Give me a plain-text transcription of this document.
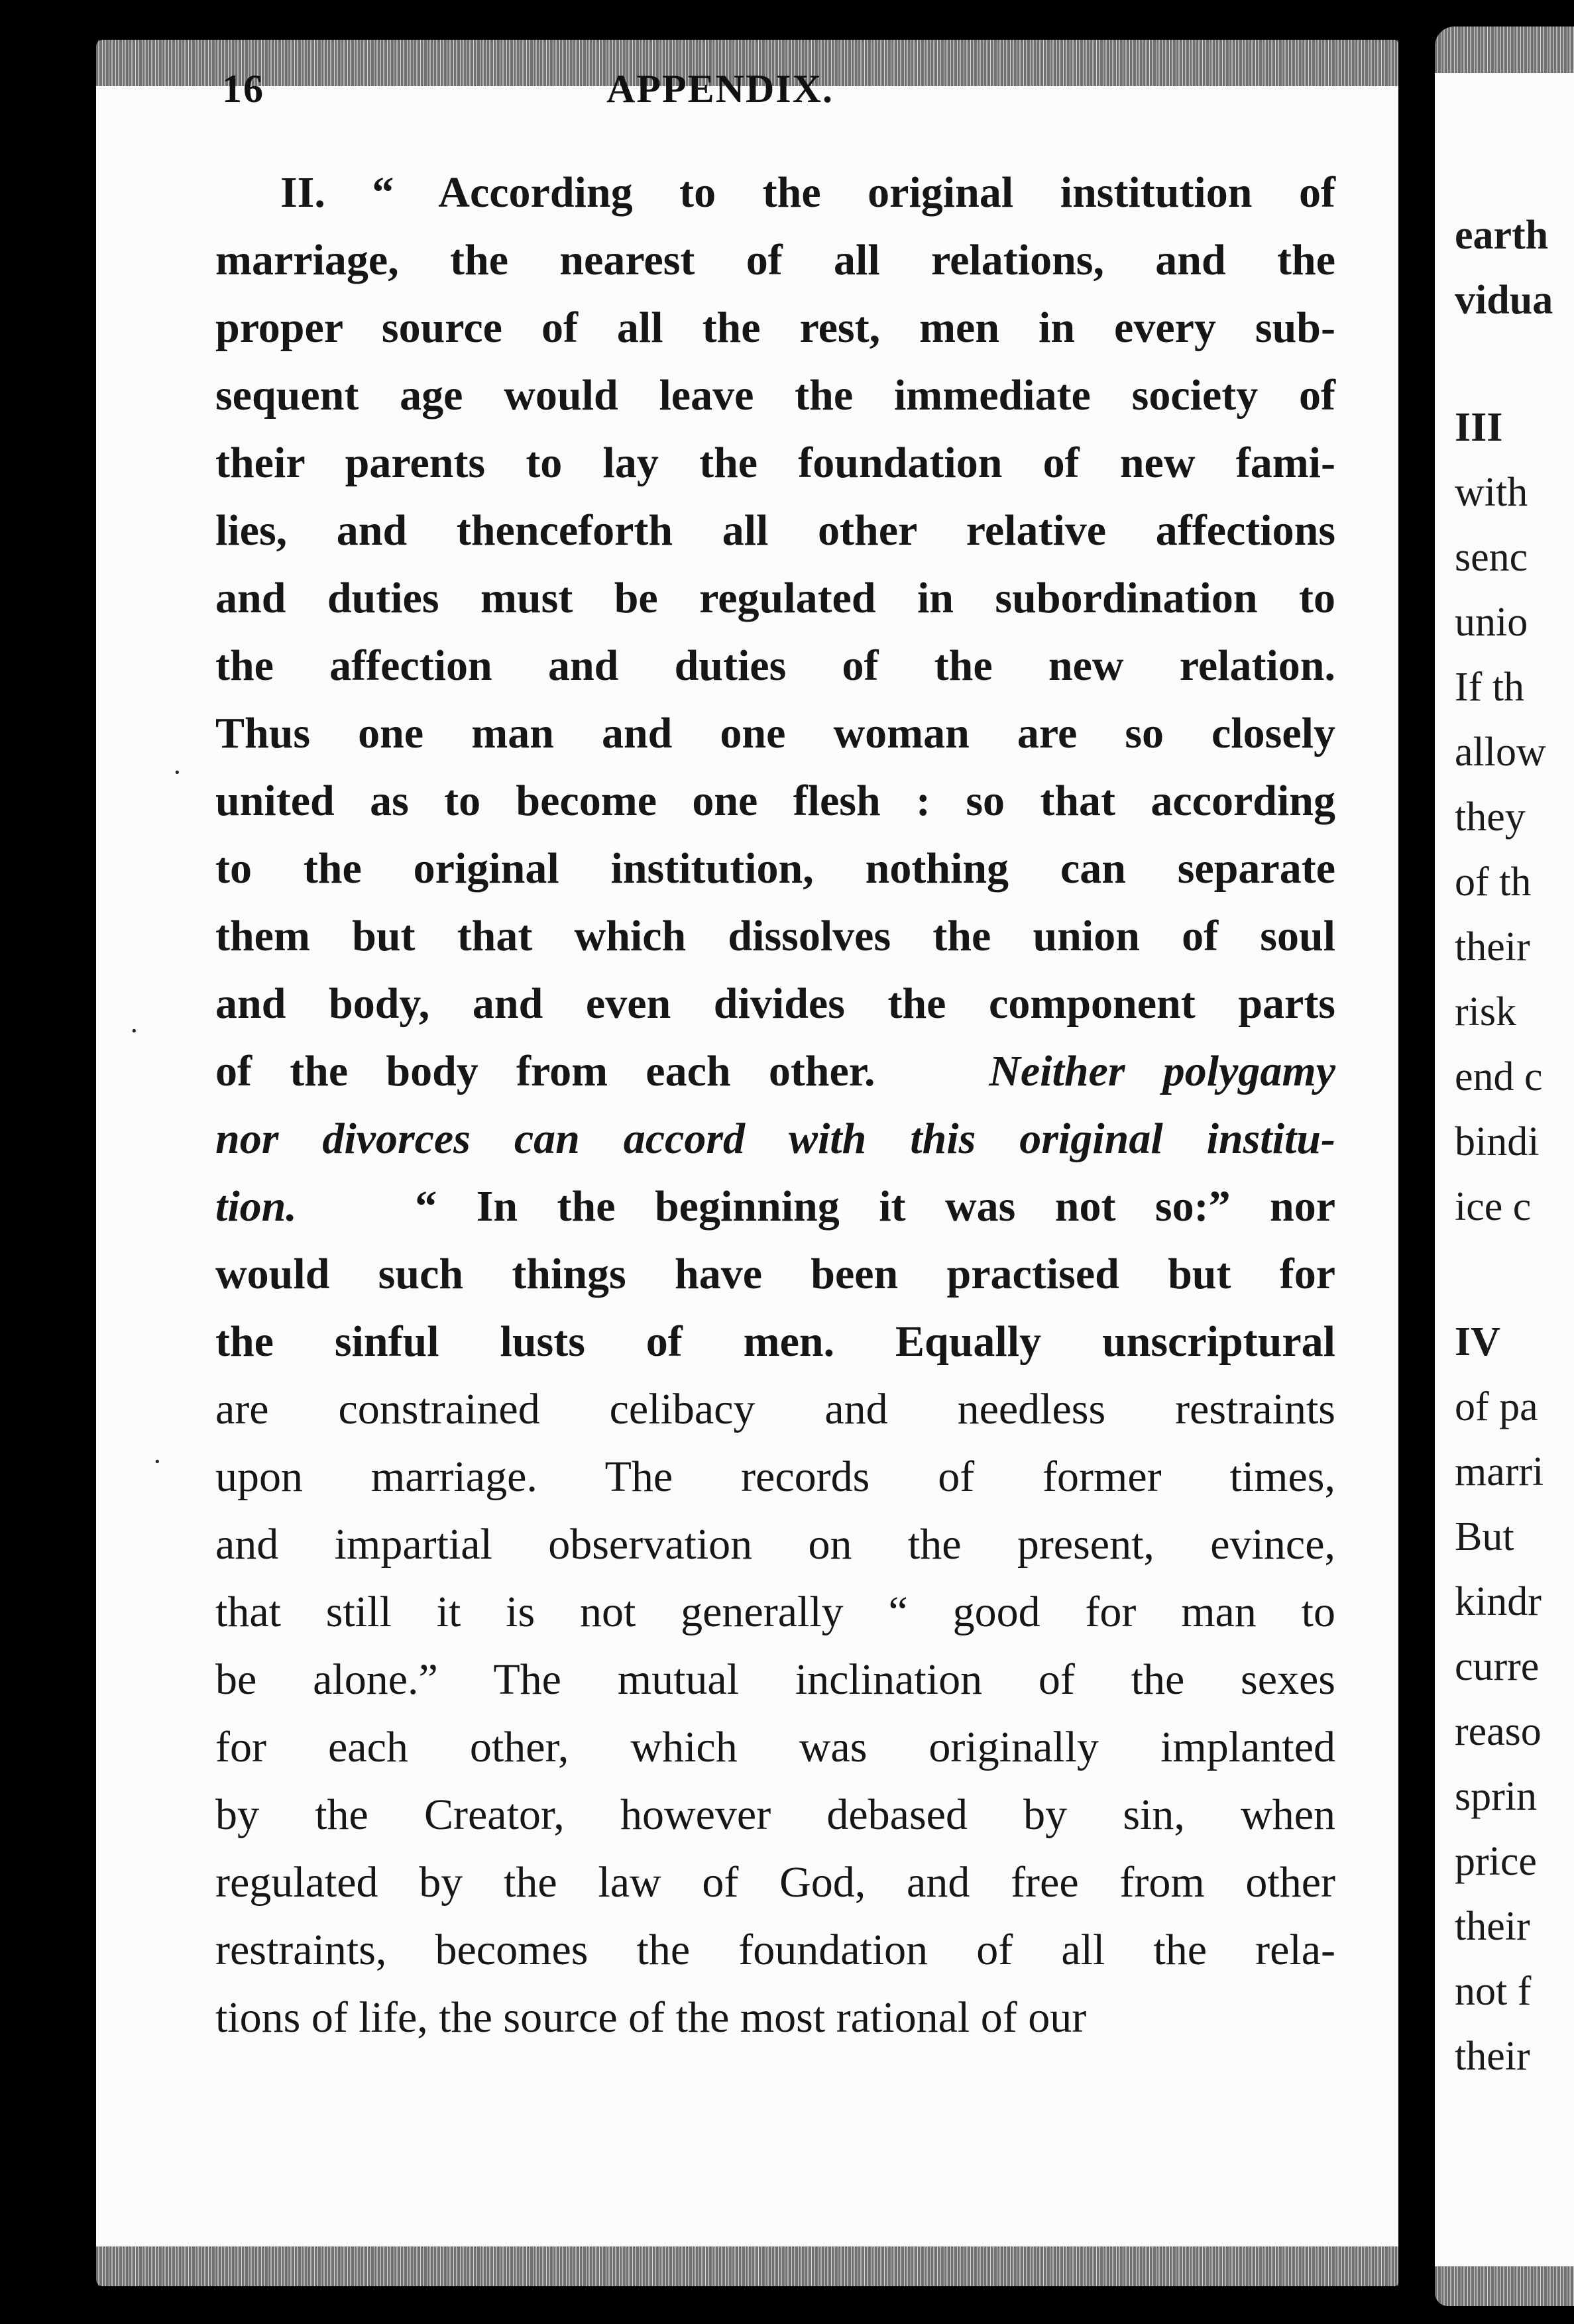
16	APPENDIX.
II. “ According to the original institution of
marriage, the nearest of all relations, and the
proper source of all the rest, men in every sub-
sequent age would leave the immediate society of
their parents to lay the foundation of new fami-
lies, and thenceforth all other relative affections
and duties must be regulated in subordination to
the affection and duties of the new relation.
Thus one man and one woman are so closely
united as to become one flesh : so that according
to the original institution, nothing can separate
them but that which dissolves the union of soul
and body, and even divides the component parts
of the body from each other.	Neither polygamy
nor divorces can accord with this original institu-
tion.	“ In the beginning it was not so:” nor
would such things have been practised but for
the sinful lusts of men. Equally unscriptural
are constrained celibacy and needless restraints
upon marriage. The records of former times,
and impartial observation on the present, evince,
that still it is not generally “ good for man to
be alone.” The mutual inclination of the sexes
for each other, which was originally implanted
by the Creator, however debased by sin, when
regulated by the law of God, and free from other
restraints, becomes the foundation of all the rela-
tions of life, the source of the most rational of our
earth
vidua
III
with
senc
unio
If th
allow
they
of th
their
risk
end c
bindi
ice c
IV
of pa
marri
But
kindr
curre
reaso
sprin
price
their
not f
their
·
·
·
